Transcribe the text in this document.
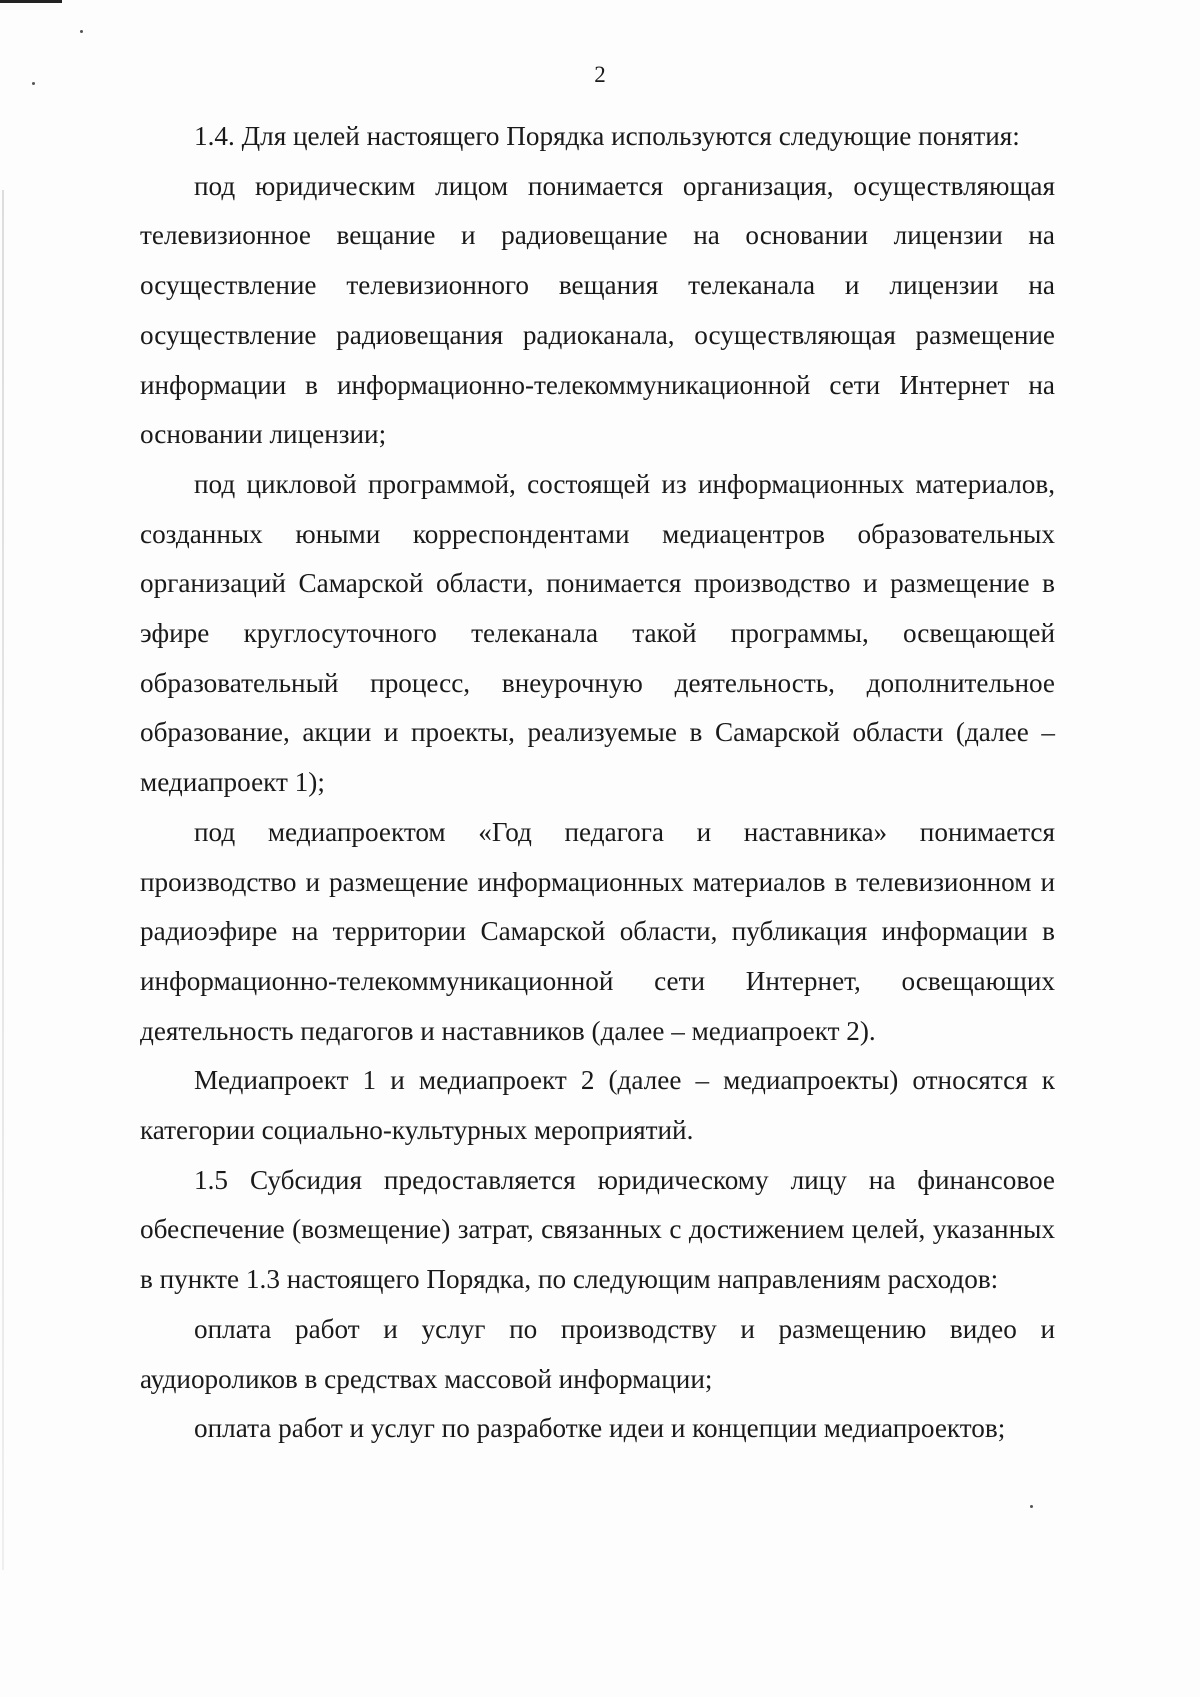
2

1.4. Для целей настоящего Порядка используются следующие понятия:

под юридическим лицом понимается организация, осуществляющая телевизионное вещание и радиовещание на основании лицензии на осуществление телевизионного вещания телеканала и лицензии на осуществление радиовещания радиоканала, осуществляющая размещение информации в информационно-телекоммуникационной сети Интернет на основании лицензии;

под цикловой программой, состоящей из информационных материалов, созданных юными корреспондентами медиацентров образовательных организаций Самарской области, понимается производство и размещение в эфире круглосуточного телеканала такой программы, освещающей образовательный процесс, внеурочную деятельность, дополнительное образование, акции и проекты, реализуемые в Самарской области (далее – медиапроект 1);

под медиапроектом «Год педагога и наставника» понимается производство и размещение информационных материалов в телевизионном и радиоэфире на территории Самарской области, публикация информации в информационно-телекоммуникационной сети Интернет, освещающих деятельность педагогов и наставников (далее – медиапроект 2).

Медиапроект 1 и медиапроект 2 (далее – медиапроекты) относятся к категории социально-культурных мероприятий.

1.5 Субсидия предоставляется юридическому лицу на финансовое обеспечение (возмещение) затрат, связанных с достижением целей, указанных в пункте 1.3 настоящего Порядка, по следующим направлениям расходов:

оплата работ и услуг по производству и размещению видео и аудиороликов в средствах массовой информации;

оплата работ и услуг по разработке идеи и концепции медиапроектов;
